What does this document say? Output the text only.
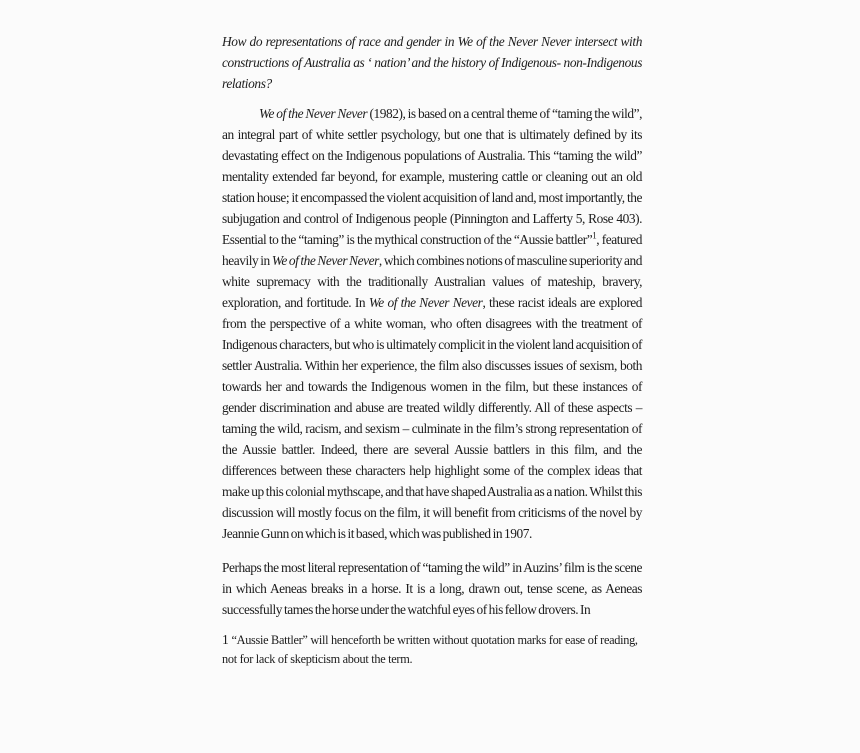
How do representations of race and gender in We of the Never Never intersect with constructions of Australia as ‘ nation’ and the history of Indigenous- non-Indigenous relations?

We of the Never Never (1982), is based on a central theme of “taming the wild”, an integral part of white settler psychology, but one that is ultimately defined by its devastating effect on the Indigenous populations of Australia. This “taming the wild” mentality extended far beyond, for example, mustering cattle or cleaning out an old station house; it encompassed the violent acquisition of land and, most importantly, the subjugation and control of Indigenous people (Pinnington and Lafferty 5, Rose 403). Essential to the “taming” is the mythical construction of the “Aussie battler”$^1$, featured heavily in We of the Never Never, which combines notions of masculine superiority and white supremacy with the traditionally Australian values of mateship, bravery, exploration, and fortitude. In We of the Never Never, these racist ideals are explored from the perspective of a white woman, who often disagrees with the treatment of Indigenous characters, but who is ultimately complicit in the violent land acquisition of settler Australia. Within her experience, the film also discusses issues of sexism, both towards her and towards the Indigenous women in the film, but these instances of gender discrimination and abuse are treated wildly differently. All of these aspects – taming the wild, racism, and sexism – culminate in the film’s strong representation of the Aussie battler. Indeed, there are several Aussie battlers in this film, and the differences between these characters help highlight some of the complex ideas that make up this colonial mythscape, and that have shaped Australia as a nation. Whilst this discussion will mostly focus on the film, it will benefit from criticisms of the novel by Jeannie Gunn on which is it based, which was published in 1907.

Perhaps the most literal representation of “taming the wild” in Auzins’ film is the scene in which Aeneas breaks in a horse. It is a long, drawn out, tense scene, as Aeneas successfully tames the horse under the watchful eyes of his fellow drovers. In

1 “Aussie Battler” will henceforth be written without quotation marks for ease of reading, not for lack of skepticism about the term.
